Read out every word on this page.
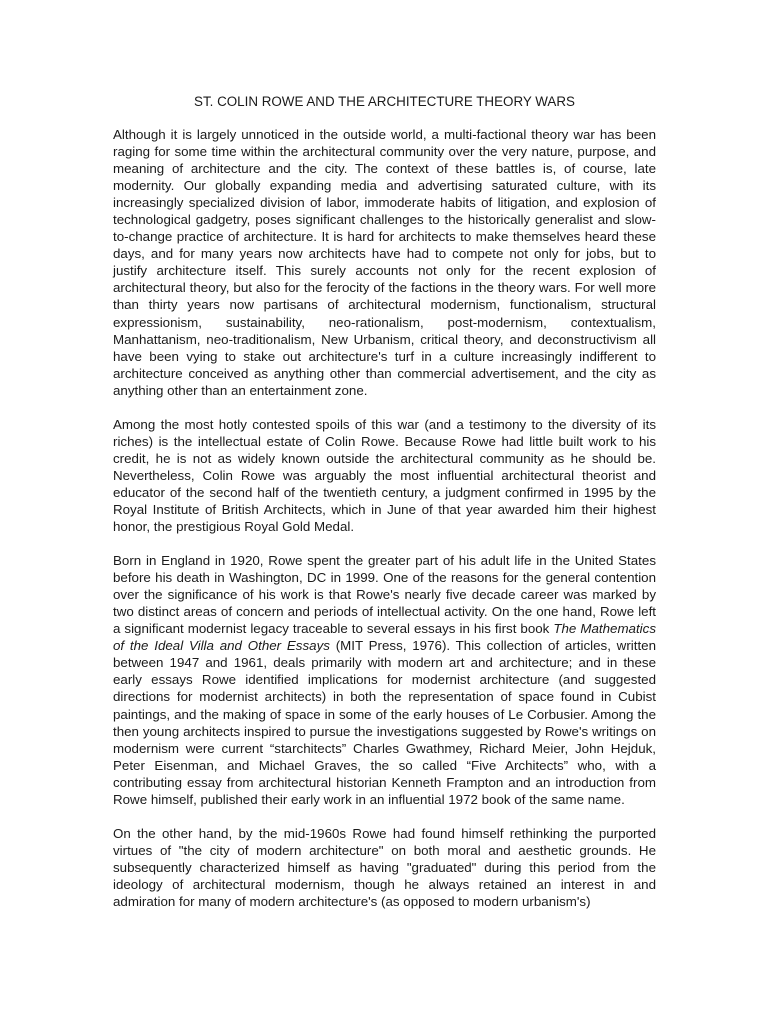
ST. COLIN ROWE AND THE ARCHITECTURE THEORY WARS

Although it is largely unnoticed in the outside world, a multi-factional theory war has been raging for some time within the architectural community over the very nature, purpose, and meaning of architecture and the city. The context of these battles is, of course, late modernity. Our globally expanding media and advertising saturated culture, with its increasingly specialized division of labor, immoderate habits of litigation, and explosion of technological gadgetry, poses significant challenges to the historically generalist and slow-to-change practice of architecture. It is hard for architects to make themselves heard these days, and for many years now architects have had to compete not only for jobs, but to justify architecture itself. This surely accounts not only for the recent explosion of architectural theory, but also for the ferocity of the factions in the theory wars. For well more than thirty years now partisans of architectural modernism, functionalism, structural expressionism, sustainability, neo-rationalism, post-modernism, contextualism, Manhattanism, neo-traditionalism, New Urbanism, critical theory, and deconstructivism all have been vying to stake out architecture's turf in a culture increasingly indifferent to architecture conceived as anything other than commercial advertisement, and the city as anything other than an entertainment zone.

Among the most hotly contested spoils of this war (and a testimony to the diversity of its riches) is the intellectual estate of Colin Rowe. Because Rowe had little built work to his credit, he is not as widely known outside the architectural community as he should be. Nevertheless, Colin Rowe was arguably the most influential architectural theorist and educator of the second half of the twentieth century, a judgment confirmed in 1995 by the Royal Institute of British Architects, which in June of that year awarded him their highest honor, the prestigious Royal Gold Medal.

Born in England in 1920, Rowe spent the greater part of his adult life in the United States before his death in Washington, DC in 1999. One of the reasons for the general contention over the significance of his work is that Rowe's nearly five decade career was marked by two distinct areas of concern and periods of intellectual activity. On the one hand, Rowe left a significant modernist legacy traceable to several essays in his first book The Mathematics of the Ideal Villa and Other Essays (MIT Press, 1976). This collection of articles, written between 1947 and 1961, deals primarily with modern art and architecture; and in these early essays Rowe identified implications for modernist architecture (and suggested directions for modernist architects) in both the representation of space found in Cubist paintings, and the making of space in some of the early houses of Le Corbusier. Among the then young architects inspired to pursue the investigations suggested by Rowe's writings on modernism were current “starchitects” Charles Gwathmey, Richard Meier, John Hejduk, Peter Eisenman, and Michael Graves, the so called “Five Architects” who, with a contributing essay from architectural historian Kenneth Frampton and an introduction from Rowe himself, published their early work in an influential 1972 book of the same name.

On the other hand, by the mid-1960s Rowe had found himself rethinking the purported virtues of "the city of modern architecture" on both moral and aesthetic grounds. He subsequently characterized himself as having "graduated" during this period from the ideology of architectural modernism, though he always retained an interest in and admiration for many of modern architecture's (as opposed to modern urbanism's)
